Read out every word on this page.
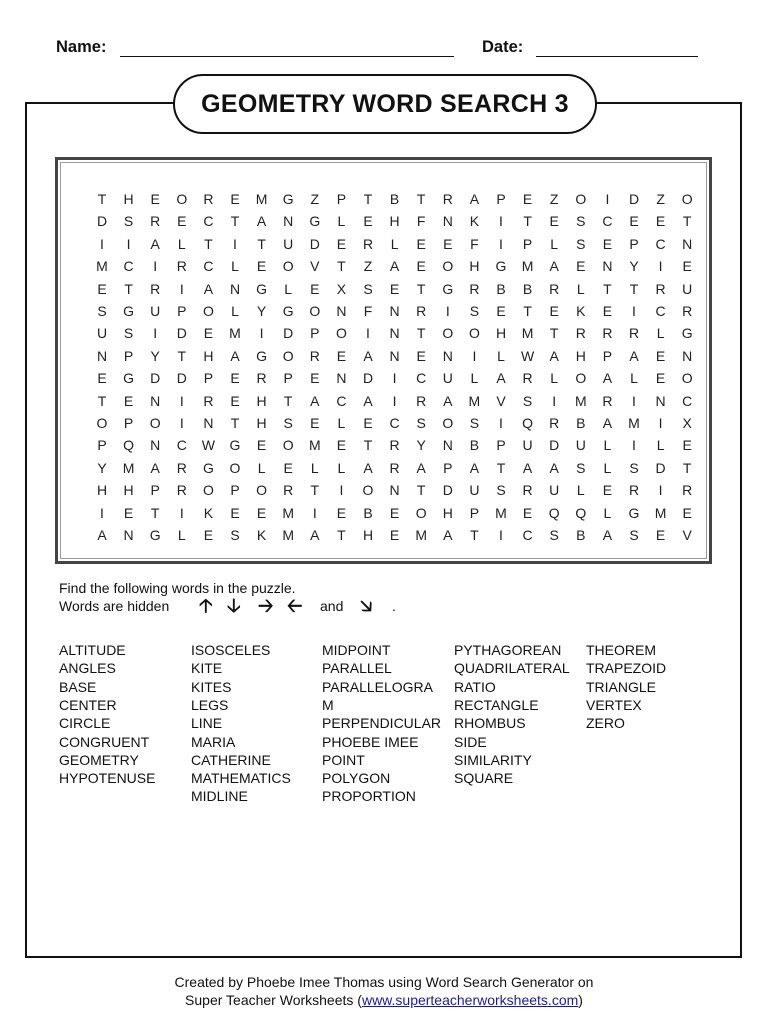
Name:	Date:
GEOMETRY WORD SEARCH 3
T	H	E	O	R	E	M	G	Z	P	T	B	T	R	A	P	E	Z	O	I	D	Z	O
D	S	R	E	C	T	A	N	G	L	E	H	F	N	K	I	T	E	S	C	E	E	T
I	I	A	L	T	I	T	U	D	E	R	L	E	E	F	I	P	L	S	E	P	C	N
M	C	I	R	C	L	E	O	V	T	Z	A	E	O	H	G	M	A	E	N	Y	I	E
E	T	R	I	A	N	G	L	E	X	S	E	T	G	R	B	B	R	L	T	T	R	U
S	G	U	P	O	L	Y	G	O	N	F	N	R	I	S	E	T	E	K	E	I	C	R
U	S	I	D	E	M	I	D	P	O	I	N	T	O	O	H	M	T	R	R	R	L	G
N	P	Y	T	H	A	G	O	R	E	A	N	E	N	I	L	W	A	H	P	A	E	N
E	G	D	D	P	E	R	P	E	N	D	I	C	U	L	A	R	L	O	A	L	E	O
T	E	N	I	R	E	H	T	A	C	A	I	R	A	M	V	S	I	M	R	I	N	C
O	P	O	I	N	T	H	S	E	L	E	C	S	O	S	I	Q	R	B	A	M	I	X
P	Q	N	C	W	G	E	O	M	E	T	R	Y	N	B	P	U	D	U	L	I	L	E
Y	M	A	R	G	O	L	E	L	L	A	R	A	P	A	T	A	A	S	L	S	D	T
H	H	P	R	O	P	O	R	T	I	O	N	T	D	U	S	R	U	L	E	R	I	R
I	E	T	I	K	E	E	M	I	E	B	E	O	H	P	M	E	Q	Q	L	G	M	E
A	N	G	L	E	S	K	M	A	T	H	E	M	A	T	I	C	S	B	A	S	E	V
Find the following words in the puzzle.
Words are hidden 🡡 🡣 🡢 🡠 and 🡦 .
ALTITUDE
ANGLES
BASE
CENTER
CIRCLE
CONGRUENT
GEOMETRY
HYPOTENUSE
ISOSCELES
KITE
KITES
LEGS
LINE
MARIA
CATHERINE
MATHEMATICS
MIDLINE
MIDPOINT
PARALLEL
PARALLELOGRA
M
PERPENDICULAR
PHOEBE IMEE
POINT
POLYGON
PROPORTION
PYTHAGOREAN
QUADRILATERAL
RATIO
RECTANGLE
RHOMBUS
SIDE
SIMILARITY
SQUARE
THEOREM
TRAPEZOID
TRIANGLE
VERTEX
ZERO
Created by Phoebe Imee Thomas using Word Search Generator on
Super Teacher Worksheets (www.superteacherworksheets.com)
